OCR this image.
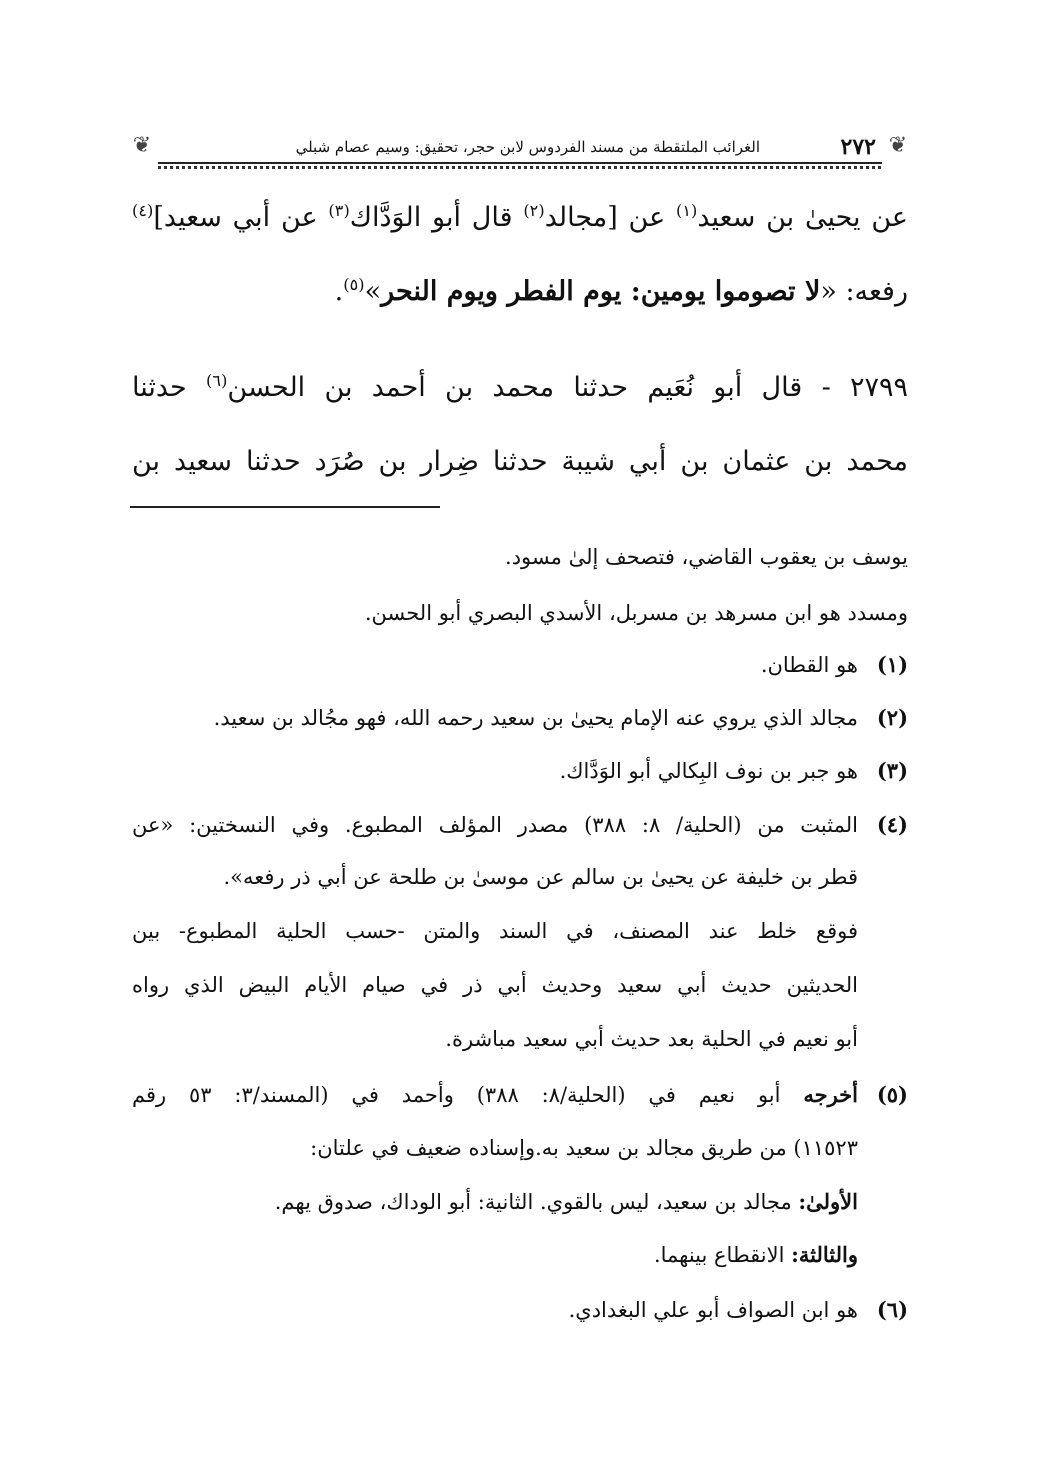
❦
٢٧٢
الغرائب الملتقطة من مسند الفردوس لابن حجر، تحقيق: وسيم عصام شبلي
❦
عن يحيىٰ بن سعيد$^{(١)}$ عن [مجالد$^{(٢)}$ قال أبو الوَدَّاك$^{(٣)}$ عن أبي سعيد]$^{(٤)}$
رفعه: «لا تصوموا يومين: يوم الفطر ويوم النحر»$^{(٥)}$.
٢٧٩٩ - قال أبو نُعَيم حدثنا محمد بن أحمد بن الحسن$^{(٦)}$ حدثنا
محمد بن عثمان بن أبي شيبة حدثنا ضِرار بن صُرَد حدثنا سعيد بن
يوسف بن يعقوب القاضي، فتصحف إلىٰ مسود.
ومسدد هو ابن مسرهد بن مسربل، الأسدي البصري أبو الحسن.
(١)هو القطان.
(٢)مجالد الذي يروي عنه الإمام يحيىٰ بن سعيد رحمه الله، فهو مجُالد بن سعيد.
(٣)هو جبر بن نوف البِكالي أبو الوَدَّاك.
(٤)المثبت من (الحلية/ ٨: ٣٨٨) مصدر المؤلف المطبوع. وفي النسختين: «عن
قطر بن خليفة عن يحيىٰ بن سالم عن موسىٰ بن طلحة عن أبي ذر رفعه».
فوقع خلط عند المصنف، في السند والمتن -حسب الحلية المطبوع- بين
الحديثين حديث أبي سعيد وحديث أبي ذر في صيام الأيام البيض الذي رواه
أبو نعيم في الحلية بعد حديث أبي سعيد مباشرة.
(٥)أخرجه أبو نعيم في (الحلية/٨: ٣٨٨) وأحمد في (المسند/٣: ٥٣ رقم
١١٥٢٣) من طريق مجالد بن سعيد به.وإسناده ضعيف في علتان:
الأولىٰ: مجالد بن سعيد، ليس بالقوي. الثانية: أبو الوداك، صدوق يهم.
والثالثة: الانقطاع بينهما.
(٦)هو ابن الصواف أبو علي البغدادي.
